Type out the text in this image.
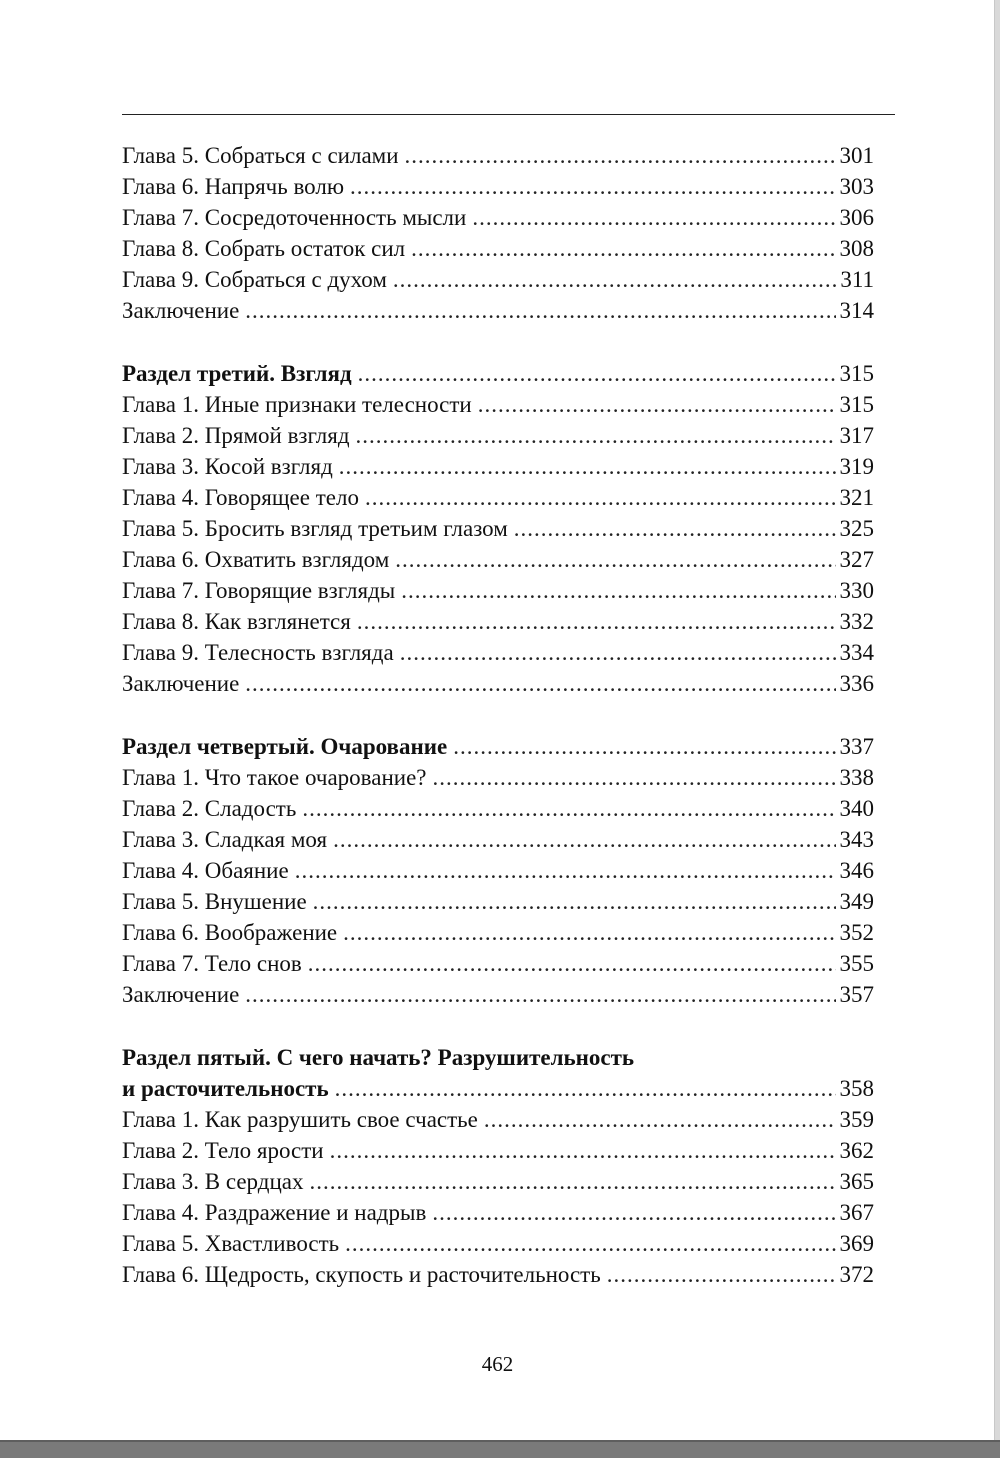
Глава 5. Собраться с силами .....	301
Глава 6. Напрячь волю .....	303
Глава 7. Сосредоточенность мысли .....	306
Глава 8. Собрать остаток сил .....	308
Глава 9. Собраться с духом .....	311
Заключение .....	314
Раздел третий. Взгляд .....	315
Глава 1. Иные признаки телесности .....	315
Глава 2. Прямой взгляд .....	317
Глава 3. Косой взгляд .....	319
Глава 4. Говорящее тело .....	321
Глава 5. Бросить взгляд третьим глазом .....	325
Глава 6. Охватить взглядом .....	327
Глава 7. Говорящие взгляды .....	330
Глава 8. Как взглянется .....	332
Глава 9. Телесность взгляда .....	334
Заключение .....	336
Раздел четвертый. Очарование .....	337
Глава 1. Что такое очарование? .....	338
Глава 2. Сладость .....	340
Глава 3. Сладкая моя .....	343
Глава 4. Обаяние .....	346
Глава 5. Внушение .....	349
Глава 6. Воображение .....	352
Глава 7. Тело снов .....	355
Заключение .....	357
Раздел пятый. С чего начать? Разрушительность
и расточительность .....	358
Глава 1. Как разрушить свое счастье .....	359
Глава 2. Тело ярости .....	362
Глава 3. В сердцах .....	365
Глава 4. Раздражение и надрыв .....	367
Глава 5. Хвастливость .....	369
Глава 6. Щедрость, скупость и расточительность .....	372
462
